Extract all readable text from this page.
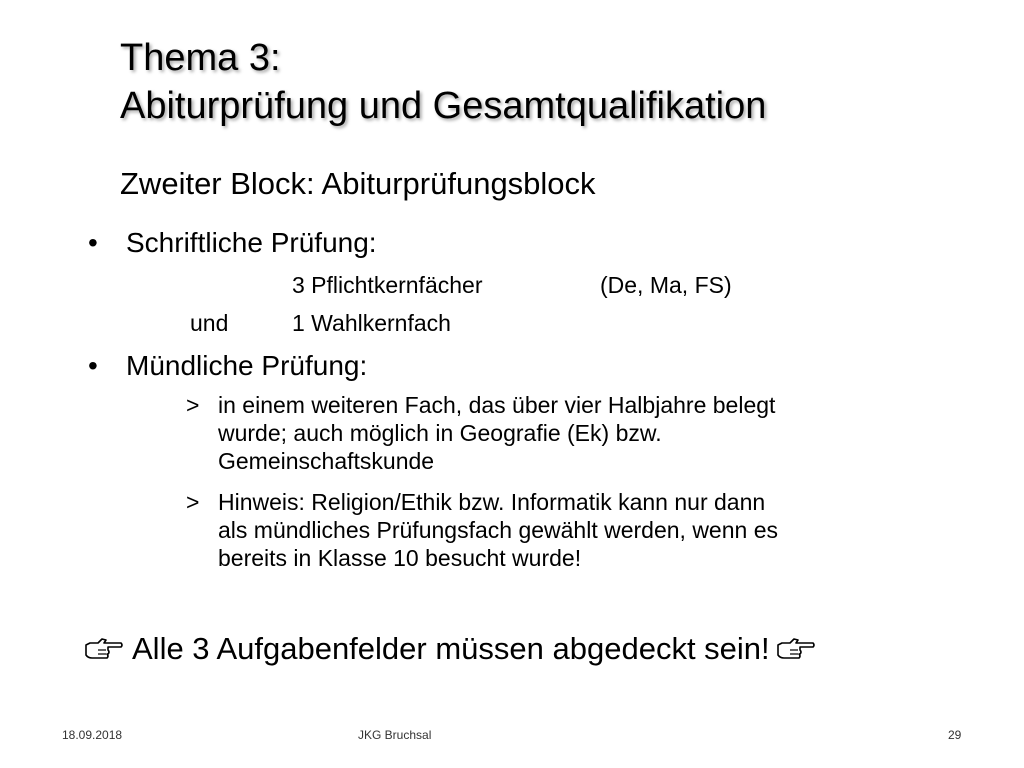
Thema 3:
Abiturprüfung und Gesamtqualifikation
Zweiter Block: Abiturprüfungsblock
• Schriftliche Prüfung:
3 Pflichtkernfächer	(De, Ma, FS)
und	1 Wahlkernfach
• Mündliche Prüfung:
> in einem weiteren Fach, das über vier Halbjahre belegt
wurde; auch möglich in Geografie (Ek) bzw.
Gemeinschaftskunde
> Hinweis: Religion/Ethik bzw. Informatik kann nur dann
als mündliches Prüfungsfach gewählt werden, wenn es
bereits in Klasse 10 besucht wurde!
Alle 3 Aufgabenfelder müssen abgedeckt sein!
18.09.2018	JKG Bruchsal	29
